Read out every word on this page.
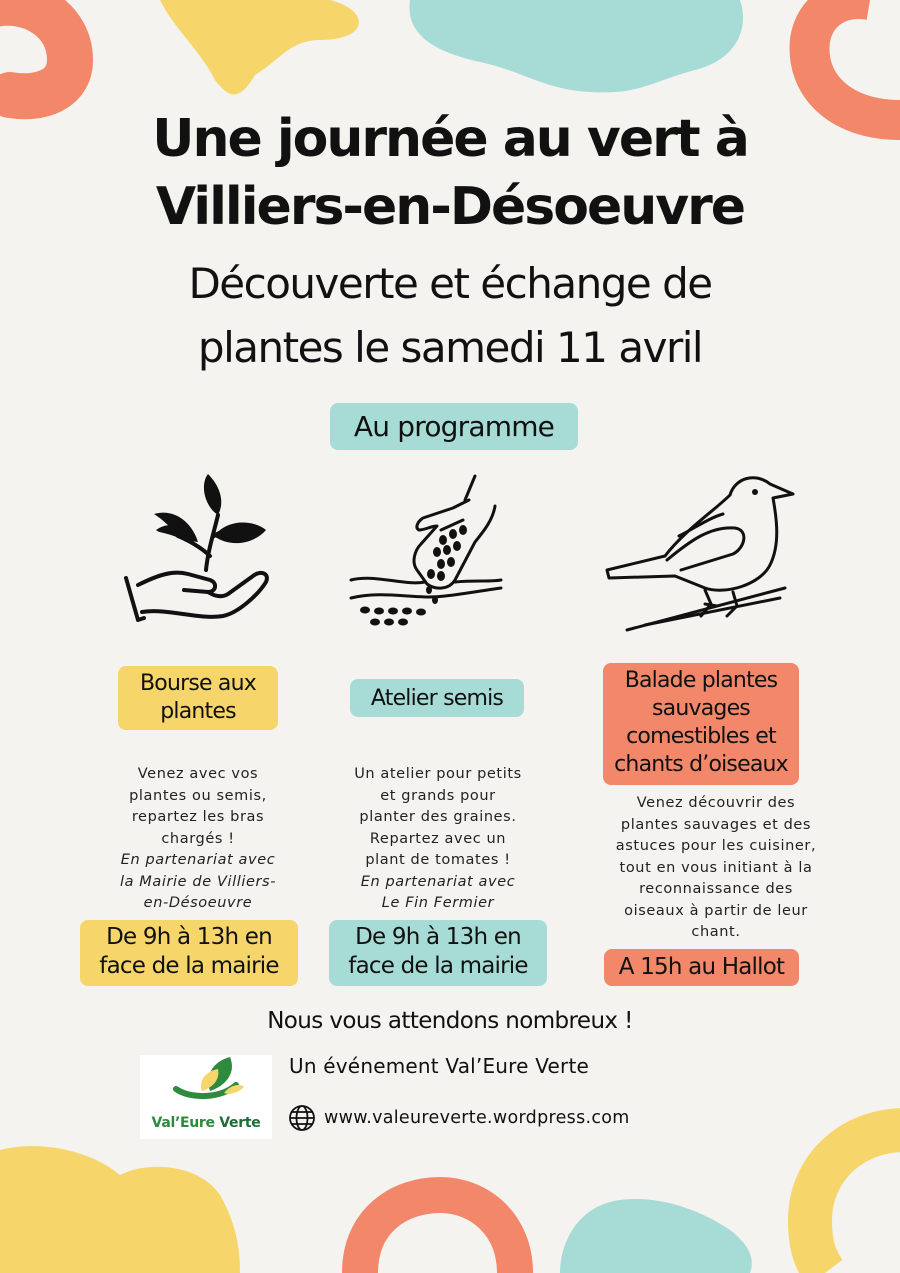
Une journée au vert à
Villiers-en-Désoeuvre
Découverte et échange de
plantes le samedi 11 avril
Au programme
Bourse aux
plantes
Atelier semis
Balade plantes
sauvages
comestibles et
chants d’oiseaux
Venez avec vos
plantes ou semis,
repartez les bras
chargés !
En partenariat avec
la Mairie de Villiers-
en-Désoeuvre
Un atelier pour petits
et grands pour
planter des graines.
Repartez avec un
plant de tomates !
En partenariat avec
Le Fin Fermier
Venez découvrir des
plantes sauvages et des
astuces pour les cuisiner,
tout en vous initiant à la
reconnaissance des
oiseaux à partir de leur
chant.
De 9h à 13h en
face de la mairie
De 9h à 13h en
face de la mairie	A 15h au Hallot
Nous vous attendons nombreux !
Val’Eure Verte
Un événement Val’Eure Verte
www.valeureverte.wordpress.com
